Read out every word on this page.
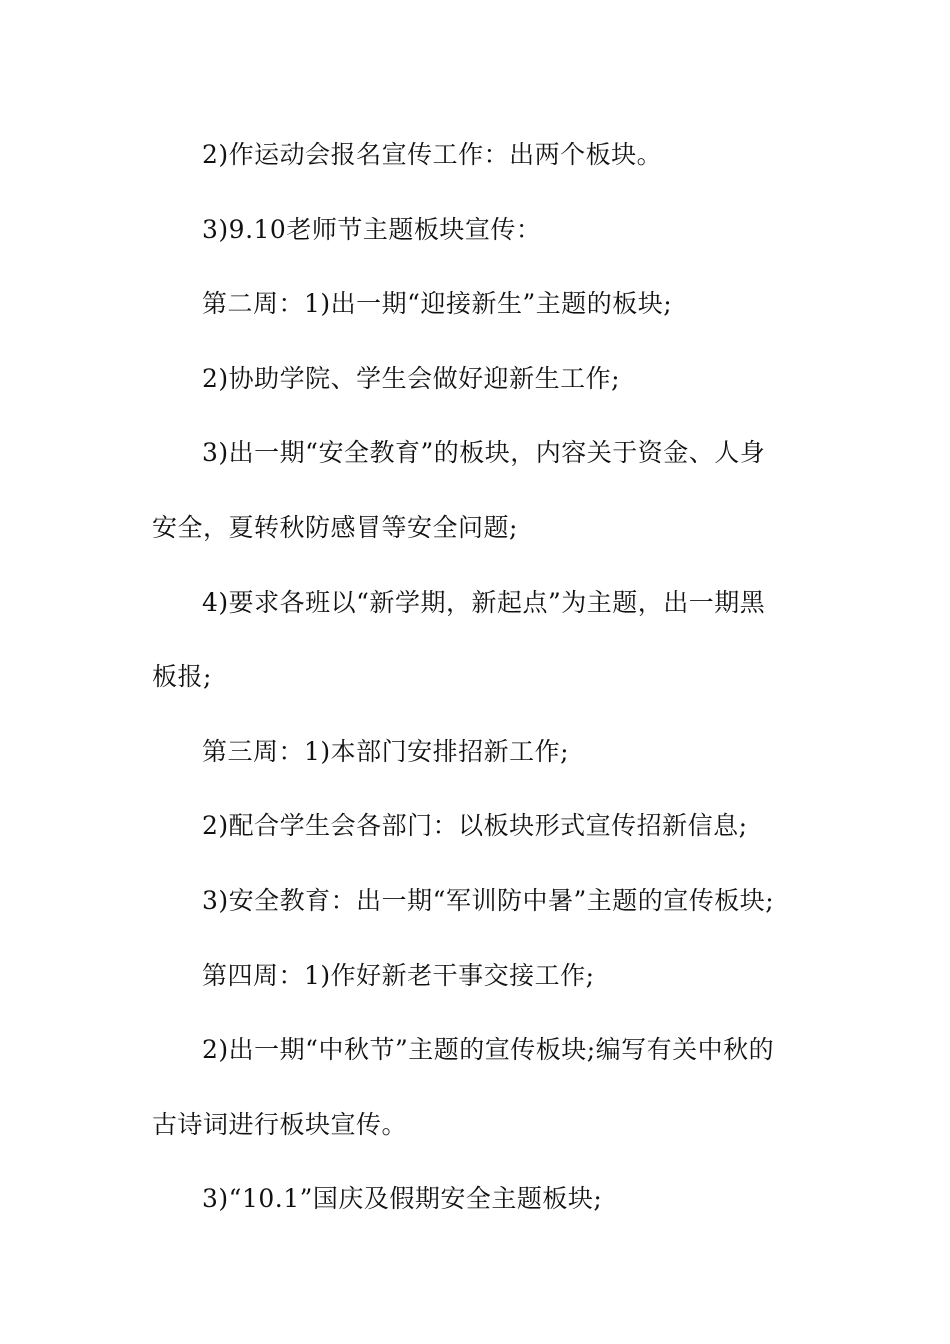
2)作运动会报名宣传工作：出两个板块。
3)9.10老师节主题板块宣传：
第二周：1)出一期“迎接新生”主题的板块;
2)协助学院、学生会做好迎新生工作;
3)出一期“安全教育”的板块，内容关于资金、人身
安全，夏转秋防感冒等安全问题;
4)要求各班以“新学期，新起点”为主题，出一期黑
板报;
第三周：1)本部门安排招新工作;
2)配合学生会各部门：以板块形式宣传招新信息;
3)安全教育：出一期“军训防中暑”主题的宣传板块;
第四周：1)作好新老干事交接工作;
2)出一期“中秋节”主题的宣传板块;编写有关中秋的
古诗词进行板块宣传。
3)“10.1”国庆及假期安全主题板块;
